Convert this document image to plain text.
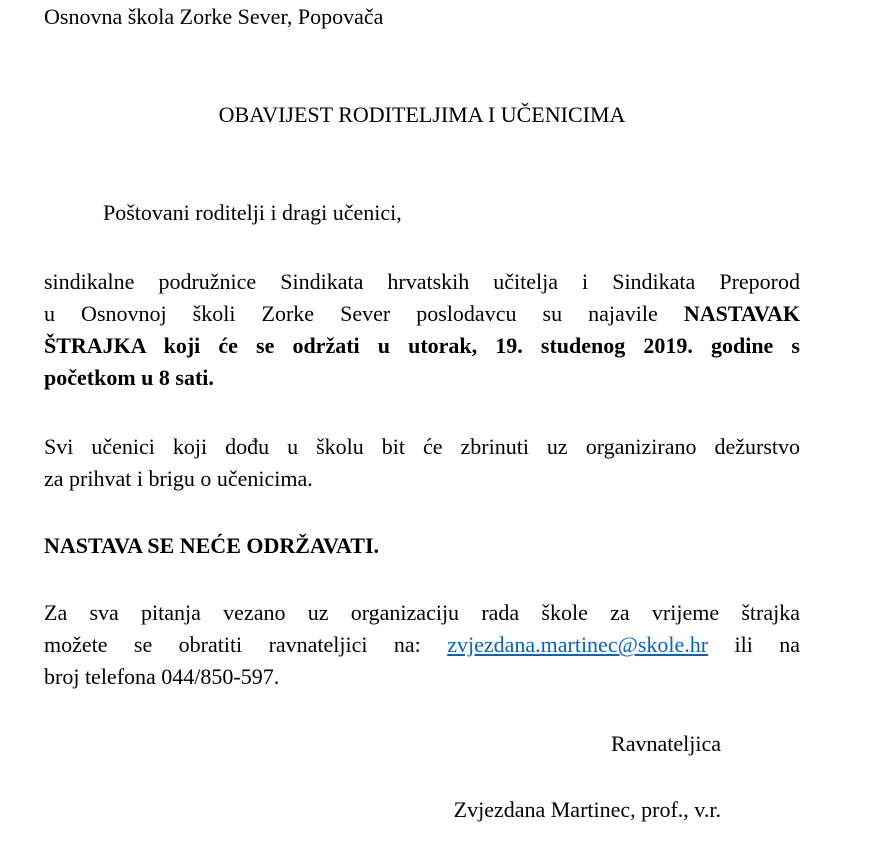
Osnovna škola Zorke Sever, Popovača
OBAVIJEST RODITELJIMA I UČENICIMA
Poštovani roditelji i dragi učenici,
sindikalne podružnice Sindikata hrvatskih učitelja i Sindikata Preporod
u Osnovnoj školi Zorke Sever poslodavcu su najavile NASTAVAK
ŠTRAJKA koji će se održati u utorak, 19. studenog 2019. godine s
početkom u 8 sati.
Svi učenici koji dođu u školu bit će zbrinuti uz organizirano dežurstvo
za prihvat i brigu o učenicima.
NASTAVA SE NEĆE ODRŽAVATI.
Za sva pitanja vezano uz organizaciju rada škole za vrijeme štrajka
možete se obratiti ravnateljici na: zvjezdana.martinec@skole.hr ili na
broj telefona 044/850-597.
Ravnateljica
Zvjezdana Martinec, prof., v.r.
